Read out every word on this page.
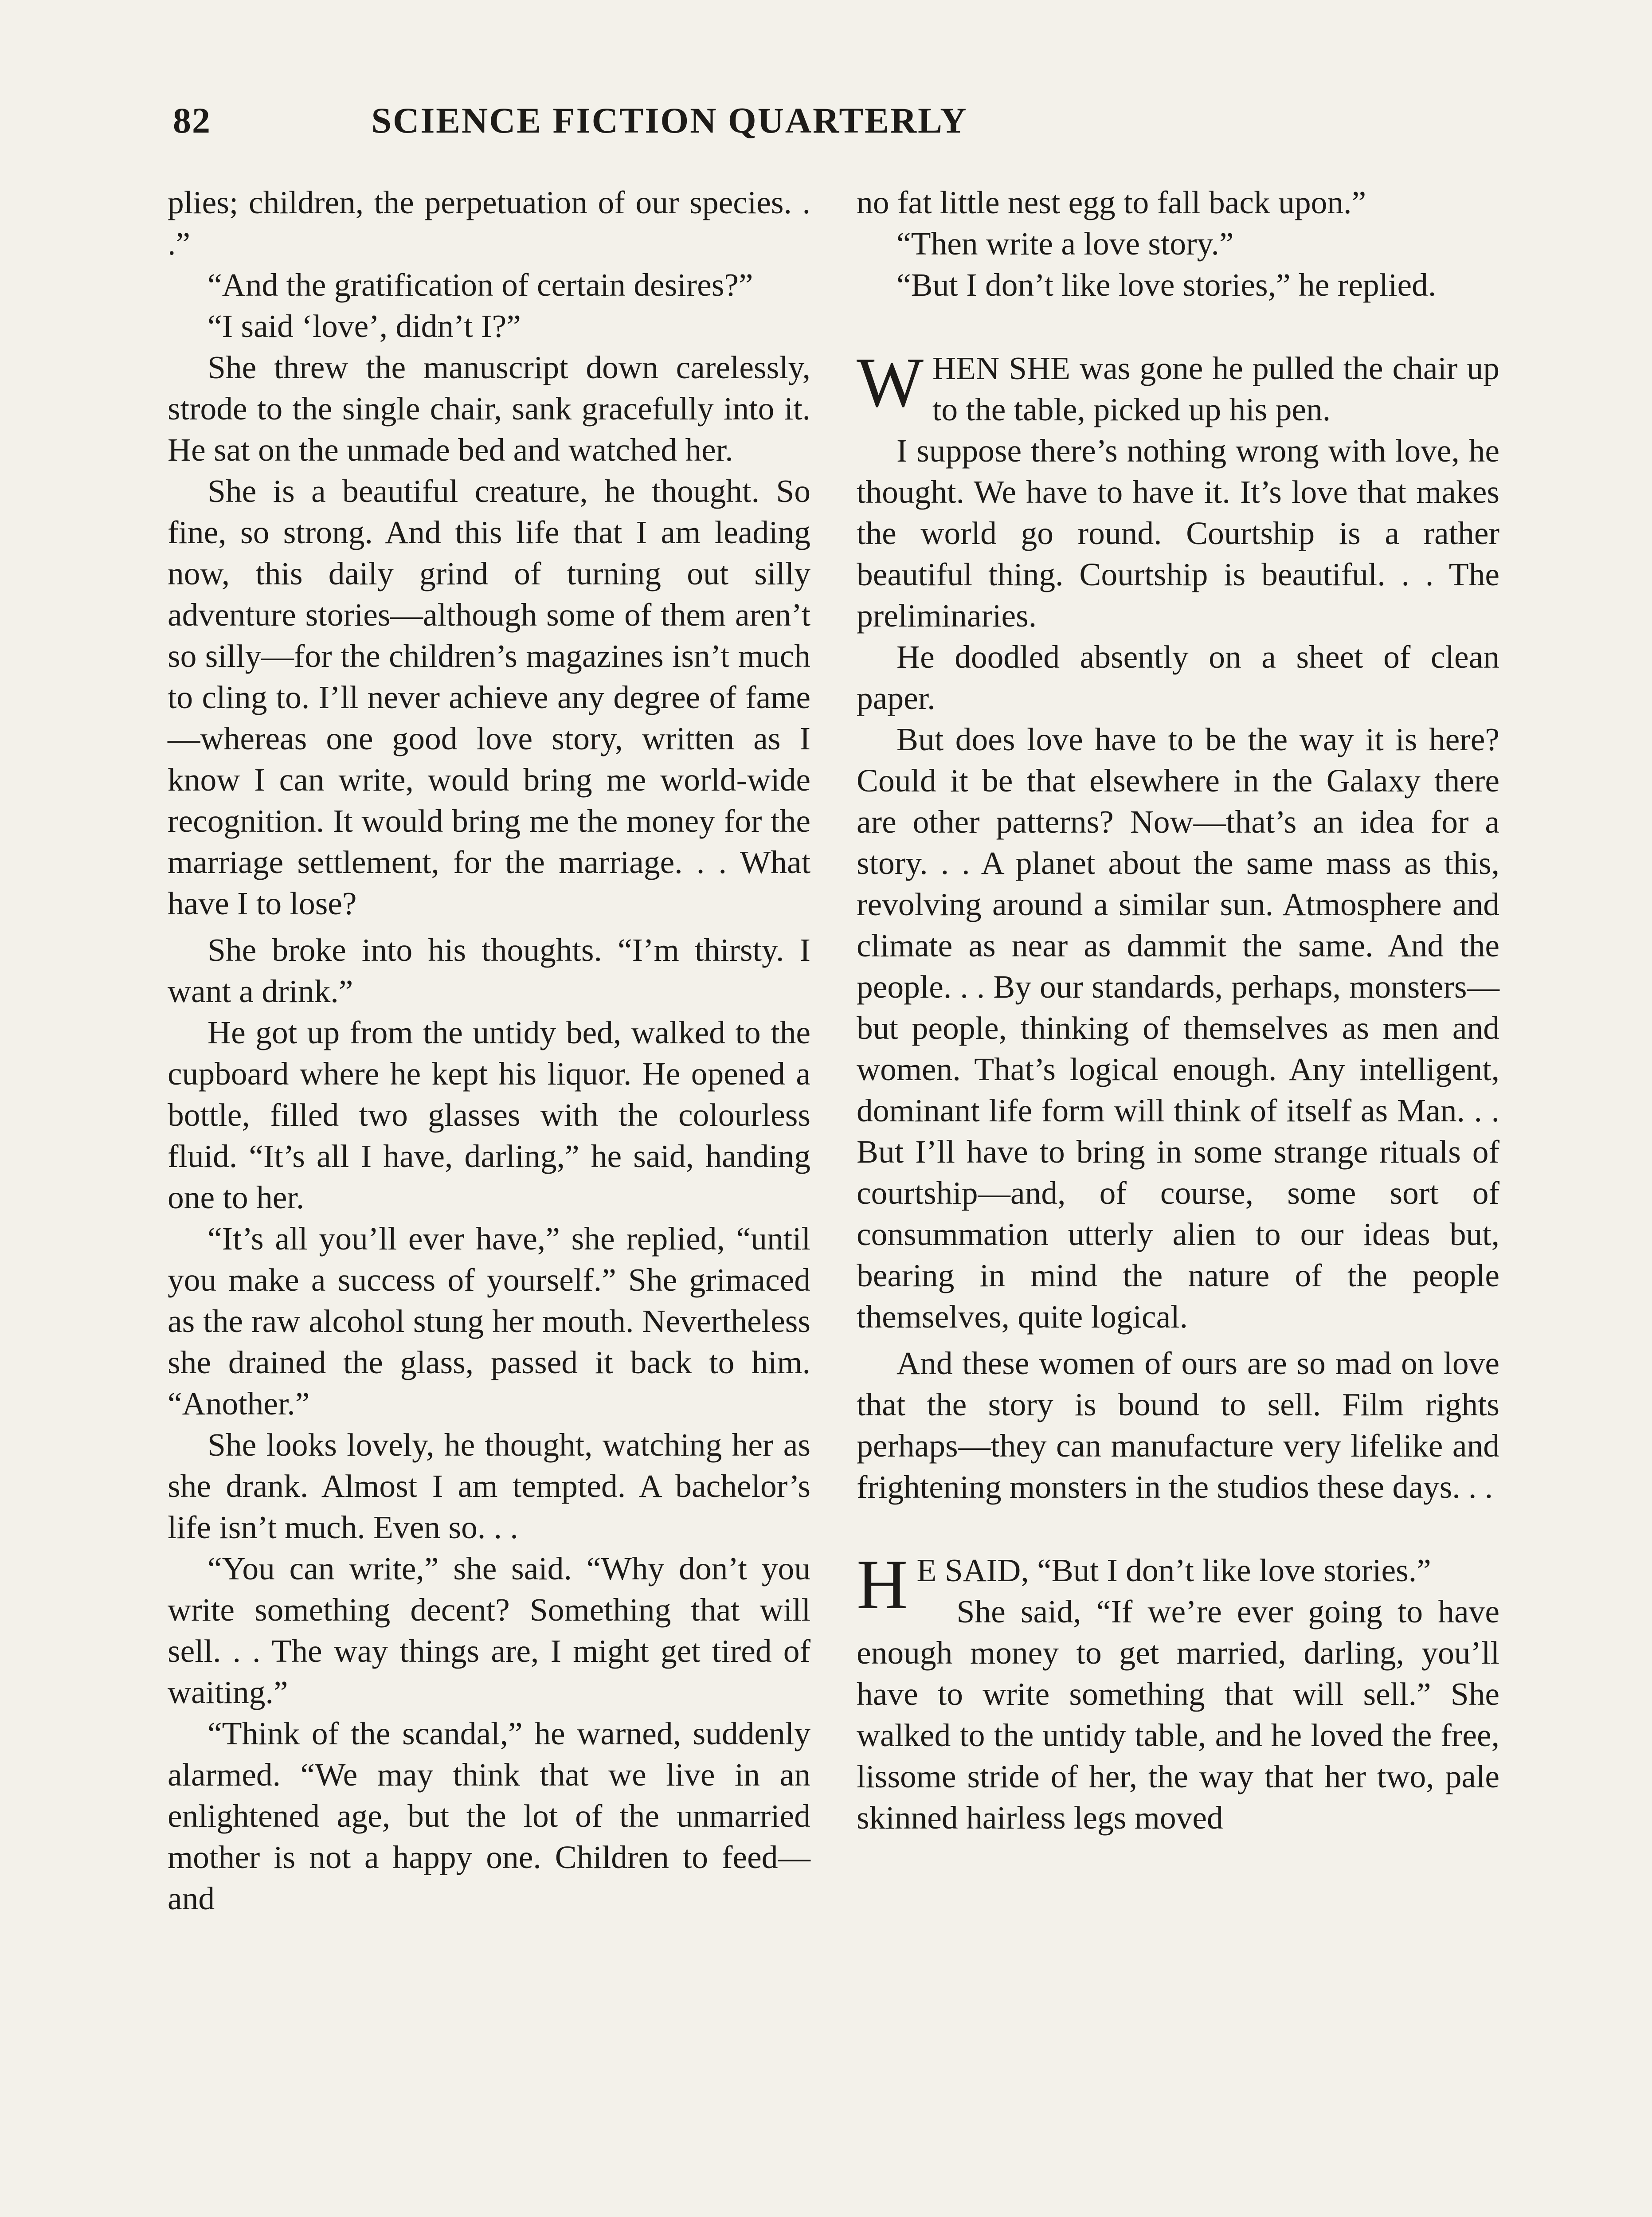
82	SCIENCE FICTION QUARTERLY

plies; children, the perpetuation of our species. . .”

“And the gratification of certain desires?”

“I said ‘love’, didn’t I?”

She threw the manuscript down carelessly, strode to the single chair, sank gracefully into it. He sat on the unmade bed and watched her.

She is a beautiful creature, he thought. So fine, so strong. And this life that I am leading now, this daily grind of turning out silly adventure stories—although some of them aren’t so silly—for the children’s magazines isn’t much to cling to. I’ll never achieve any degree of fame—whereas one good love story, written as I know I can write, would bring me world-wide recognition. It would bring me the money for the marriage settlement, for the marriage. . . What have I to lose?

She broke into his thoughts. “I’m thirsty. I want a drink.”

He got up from the untidy bed, walked to the cupboard where he kept his liquor. He opened a bottle, filled two glasses with the colourless fluid. “It’s all I have, darling,” he said, handing one to her.

“It’s all you’ll ever have,” she replied, “until you make a success of yourself.” She grimaced as the raw alcohol stung her mouth. Nevertheless she drained the glass, passed it back to him. “Another.”

She looks lovely, he thought, watching her as she drank. Almost I am tempted. A bachelor’s life isn’t much. Even so. . .

“You can write,” she said. “Why don’t you write something decent? Something that will sell. . . The way things are, I might get tired of waiting.”

“Think of the scandal,” he warned, suddenly alarmed. “We may think that we live in an enlightened age, but the lot of the unmarried mother is not a happy one. Children to feed—and

no fat little nest egg to fall back upon.”

“Then write a love story.”

“But I don’t like love stories,” he replied.

WHEN SHE was gone he pulled the chair up to the table, picked up his pen.

I suppose there’s nothing wrong with love, he thought. We have to have it. It’s love that makes the world go round. Courtship is a rather beautiful thing. Courtship is beautiful. . . The preliminaries.

He doodled absently on a sheet of clean paper.

But does love have to be the way it is here? Could it be that elsewhere in the Galaxy there are other patterns? Now—that’s an idea for a story. . . A planet about the same mass as this, revolving around a similar sun. Atmosphere and climate as near as dammit the same. And the people. . . By our standards, perhaps, monsters—but people, thinking of themselves as men and women. That’s logical enough. Any intelligent, dominant life form will think of itself as Man. . . But I’ll have to bring in some strange rituals of courtship—and, of course, some sort of consummation utterly alien to our ideas but, bearing in mind the nature of the people themselves, quite logical.

And these women of ours are so mad on love that the story is bound to sell. Film rights perhaps—they can manufacture very lifelike and frightening monsters in the studios these days. . .

H E SAID, “But I don’t like love stories.”

She said, “If we’re ever going to have enough money to get married, darling, you’ll have to write something that will sell.” She walked to the untidy table, and he loved the free, lissome stride of her, the way that her two, pale skinned hairless legs moved
